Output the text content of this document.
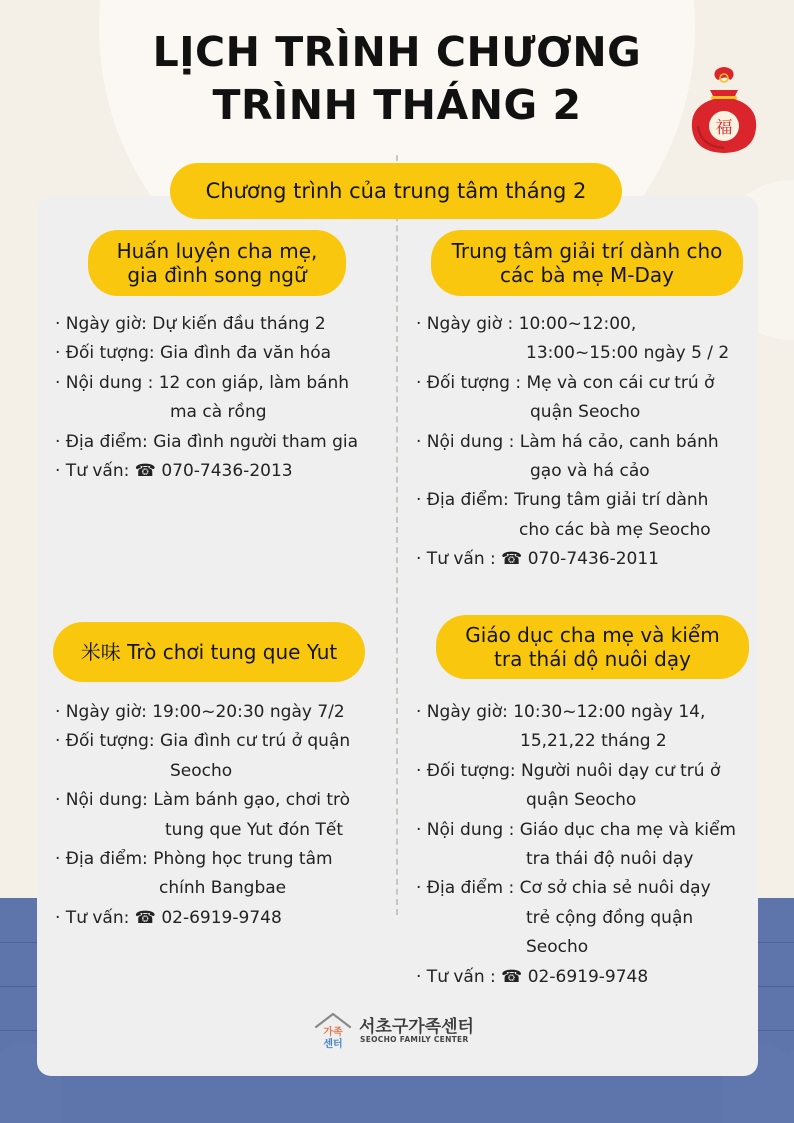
LỊCH TRÌNH CHƯƠNG
TRÌNH THÁNG 2	福
Chương trình của trung tâm tháng 2
Huấn luyện cha mẹ,
gia đình song ngữ
· Ngày giờ: Dự kiến đầu tháng 2
· Đối tượng: Gia đình đa văn hóa
· Nội dung : 12 con giáp, làm bánh
ma cà rồng
· Địa điểm: Gia đình người tham gia
· Tư vấn: ☎ 070-7436-2013
Trung tâm giải trí dành cho
các bà mẹ M-Day
· Ngày giờ : 10:00~12:00,
13:00~15:00 ngày 5 / 2
· Đối tượng : Mẹ và con cái cư trú ở
quận Seocho
· Nội dung : Làm há cảo, canh bánh
gạo và há cảo
· Địa điểm: Trung tâm giải trí dành
cho các bà mẹ Seocho
· Tư vấn : ☎ 070-7436-2011
米味 Trò chơi tung que Yut
· Ngày giờ: 19:00~20:30 ngày 7/2
· Đối tượng: Gia đình cư trú ở quận
Seocho
· Nội dung: Làm bánh gạo, chơi trò
tung que Yut đón Tết
· Địa điểm: Phòng học trung tâm
chính Bangbae
· Tư vấn: ☎ 02-6919-9748
Giáo dục cha mẹ và kiểm
tra thái dộ nuôi dạy
· Ngày giờ: 10:30~12:00 ngày 14,
15,21,22 tháng 2
· Đối tượng: Người nuôi dạy cư trú ở
quận Seocho
· Nội dung : Giáo dục cha mẹ và kiểm
tra thái độ nuôi dạy
· Địa điểm : Cơ sở chia sẻ nuôi dạy
trẻ cộng đồng quận
Seocho
· Tư vấn : ☎ 02-6919-9748
가족
센터
서초구가족센터
SEOCHO FAMILY CENTER
